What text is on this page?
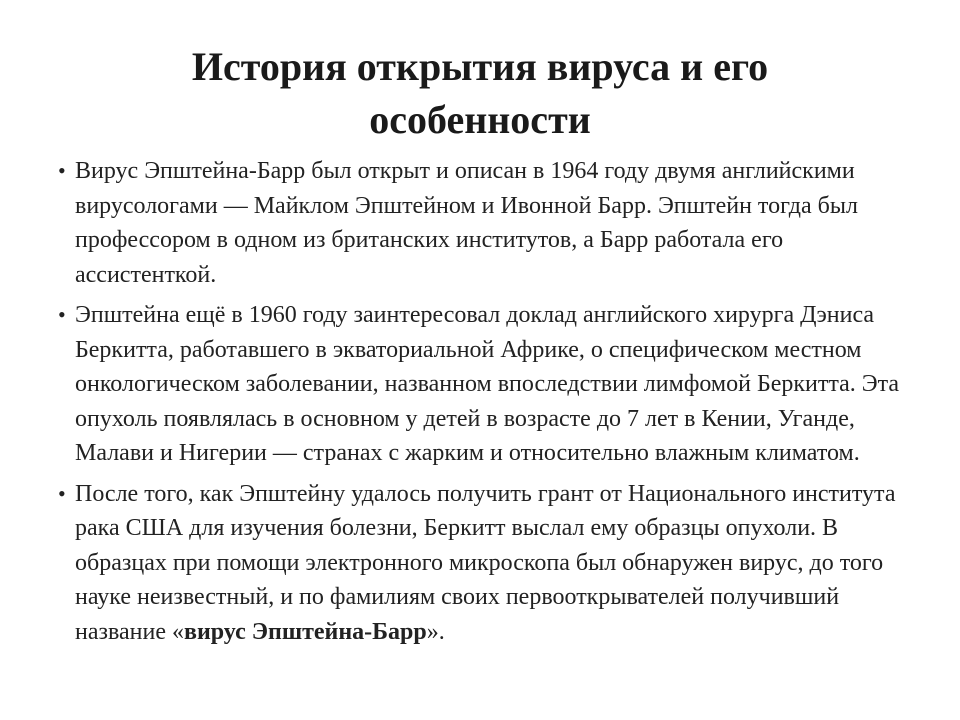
История открытия вируса и его особенности
• Вирус Эпштейна-Барр был открыт и описан в 1964 году двумя английскими вирусологами — Майклом Эпштейном и Ивонной Барр. Эпштейн тогда был профессором в одном из британских институтов, а Барр работала его ассистенткой.
• Эпштейна ещё в 1960 году заинтересовал доклад английского хирурга Дэниса Беркитта, работавшего в экваториальной Африке, о специфическом местном онкологическом заболевании, названном впоследствии лимфомой Беркитта. Эта опухоль появлялась в основном у детей в возрасте до 7 лет в Кении, Уганде, Малави и Нигерии — странах с жарким и относительно влажным климатом.
• После того, как Эпштейну удалось получить грант от Национального института рака США для изучения болезни, Беркитт выслал ему образцы опухоли. В образцах при помощи электронного микроскопа был обнаружен вирус, до того науке неизвестный, и по фамилиям своих первооткрывателей получивший название «вирус Эпштейна-Барр».
